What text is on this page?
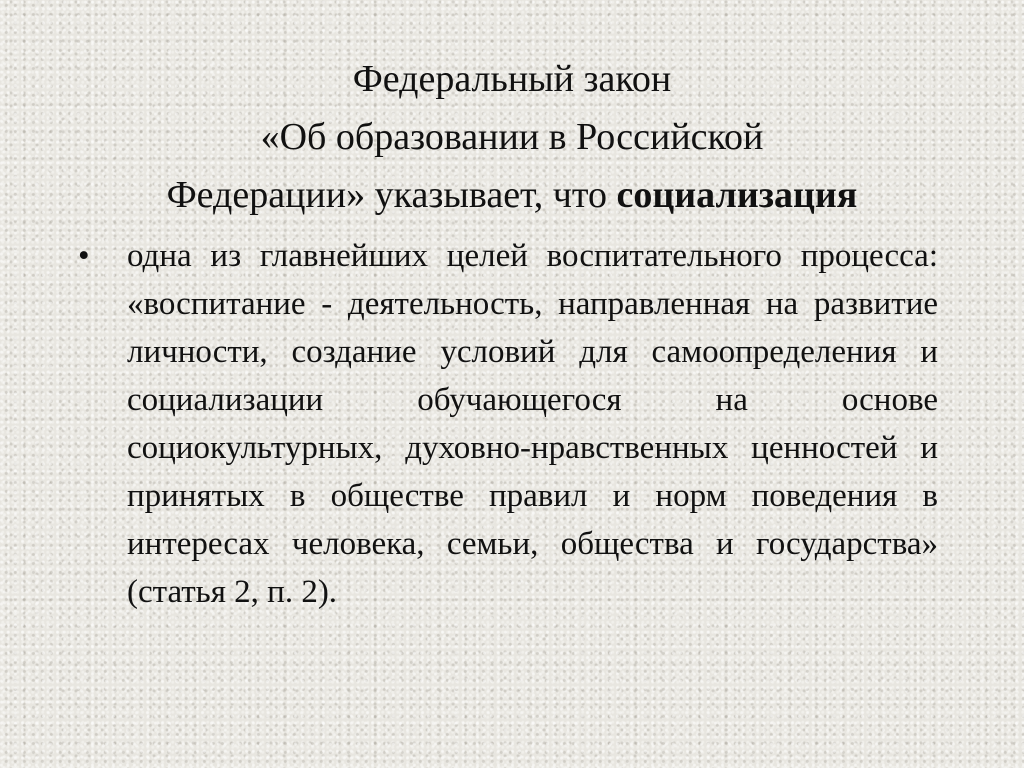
Федеральный закон
«Об образовании в Российской
Федерации» указывает, что социализация
• одна из главнейших целей воспитательного процесса: «воспитание - деятельность, направленная на развитие личности, создание условий для самоопределения и социализации обучающегося на основе социокультурных, духовно-нравственных ценностей и принятых в обществе правил и норм поведения в интересах человека, семьи, общества и государства» (статья 2, п. 2).
